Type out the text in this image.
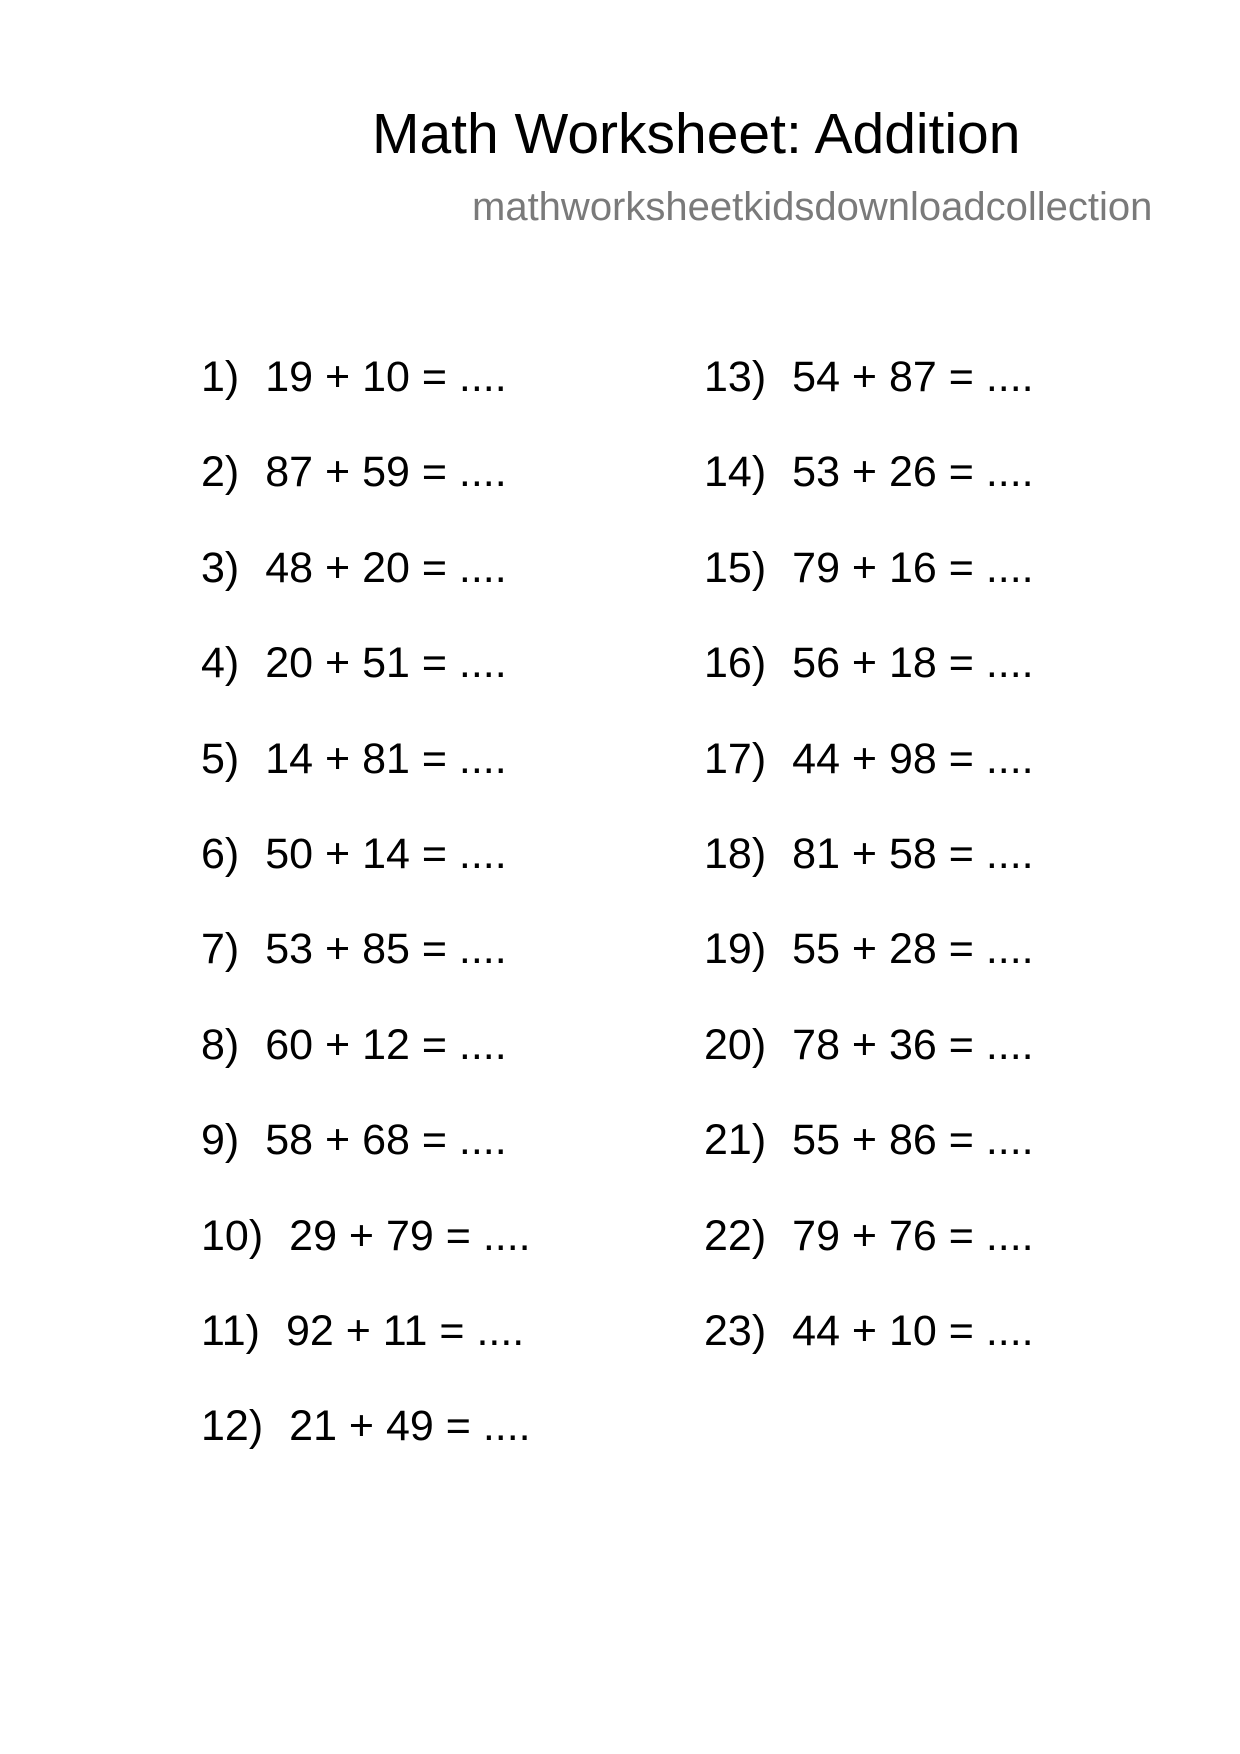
Math Worksheet: Addition
mathworksheetkidsdownloadcollection
1) 19 + 10 = ....
2) 87 + 59 = ....
3) 48 + 20 = ....
4) 20 + 51 = ....
5) 14 + 81 = ....
6) 50 + 14 = ....
7) 53 + 85 = ....
8) 60 + 12 = ....
9) 58 + 68 = ....
10) 29 + 79 = ....
11) 92 + 11 = ....
12) 21 + 49 = ....
13) 54 + 87 = ....
14) 53 + 26 = ....
15) 79 + 16 = ....
16) 56 + 18 = ....
17) 44 + 98 = ....
18) 81 + 58 = ....
19) 55 + 28 = ....
20) 78 + 36 = ....
21) 55 + 86 = ....
22) 79 + 76 = ....
23) 44 + 10 = ....
